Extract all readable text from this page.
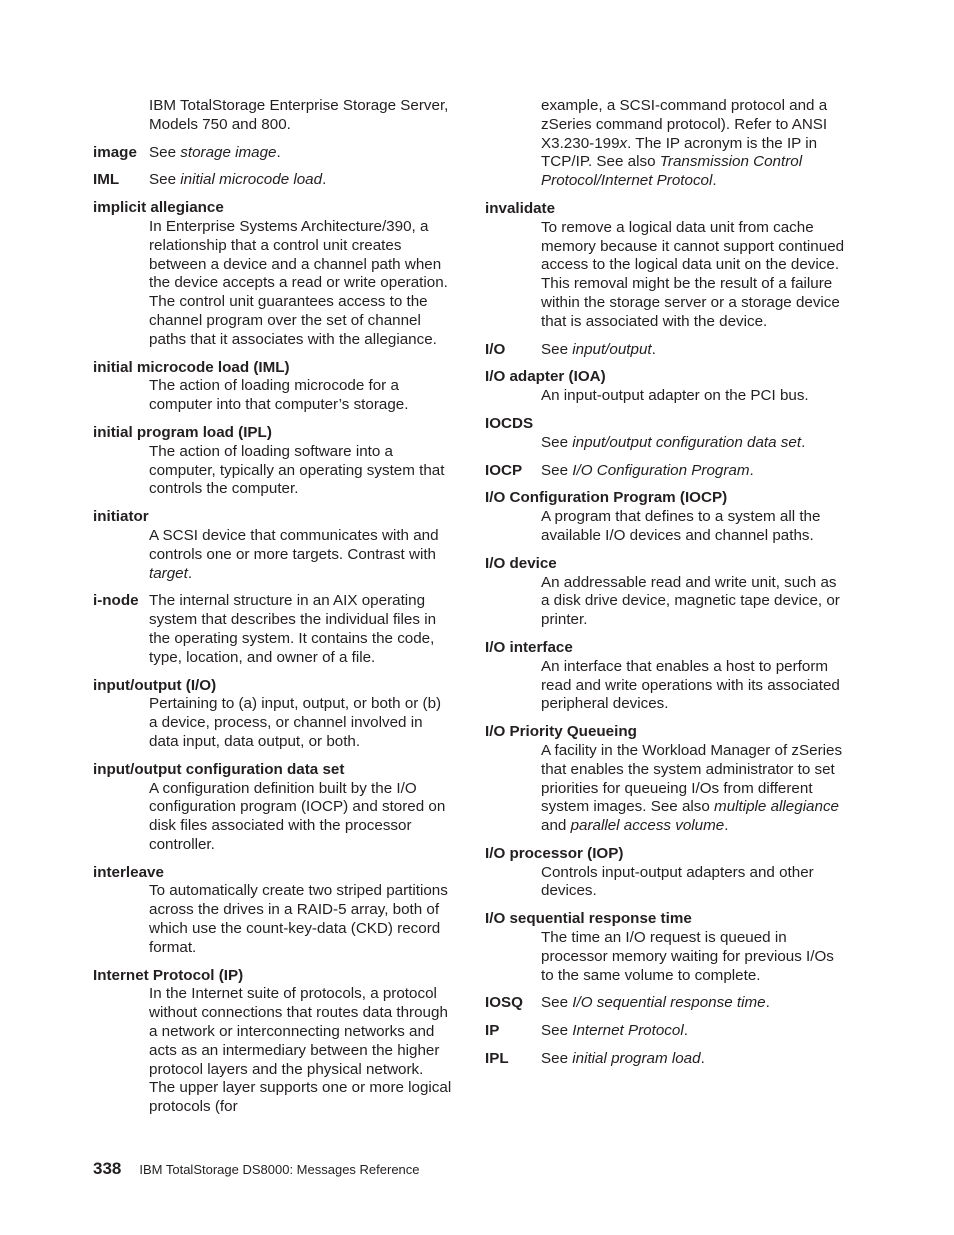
IBM TotalStorage Enterprise Storage Server, Models 750 and 800.
image See storage image.
IML	See initial microcode load.
implicit allegiance
In Enterprise Systems Architecture/390, a relationship that a control unit creates between a device and a channel path when the device accepts a read or write operation. The control unit guarantees access to the channel program over the set of channel paths that it associates with the allegiance.
initial microcode load (IML)
The action of loading microcode for a computer into that computer’s storage.
initial program load (IPL)
The action of loading software into a computer, typically an operating system that controls the computer.
initiator
A SCSI device that communicates with and controls one or more targets. Contrast with target.
i-node The internal structure in an AIX operating system that describes the individual files in the operating system. It contains the code, type, location, and owner of a file.
input/output (I/O)
Pertaining to (a) input, output, or both or (b) a device, process, or channel involved in data input, data output, or both.
input/output configuration data set
A configuration definition built by the I/O configuration program (IOCP) and stored on disk files associated with the processor controller.
interleave
To automatically create two striped partitions across the drives in a RAID-5 array, both of which use the count-key-data (CKD) record format.
Internet Protocol (IP)
In the Internet suite of protocols, a protocol without connections that routes data through a network or interconnecting networks and acts as an intermediary between the higher protocol layers and the physical network. The upper layer supports one or more logical protocols (for
example, a SCSI-command protocol and a zSeries command protocol). Refer to ANSI X3.230-199x. The IP acronym is the IP in TCP/IP. See also Transmission Control Protocol/Internet Protocol.
invalidate
To remove a logical data unit from cache memory because it cannot support continued access to the logical data unit on the device. This removal might be the result of a failure within the storage server or a storage device that is associated with the device.
I/O	See input/output.
I/O adapter (IOA)
An input-output adapter on the PCI bus.
IOCDS
See input/output configuration data set.
IOCP	See I/O Configuration Program.
I/O Configuration Program (IOCP)
A program that defines to a system all the available I/O devices and channel paths.
I/O device
An addressable read and write unit, such as a disk drive device, magnetic tape device, or printer.
I/O interface
An interface that enables a host to perform read and write operations with its associated peripheral devices.
I/O Priority Queueing
A facility in the Workload Manager of zSeries that enables the system administrator to set priorities for queueing I/Os from different system images. See also multiple allegiance and parallel access volume.
I/O processor (IOP)
Controls input-output adapters and other devices.
I/O sequential response time
The time an I/O request is queued in processor memory waiting for previous I/Os to the same volume to complete.
IOSQ	See I/O sequential response time.
IP	See Internet Protocol.
IPL	See initial program load.
338 IBM TotalStorage DS8000: Messages Reference
